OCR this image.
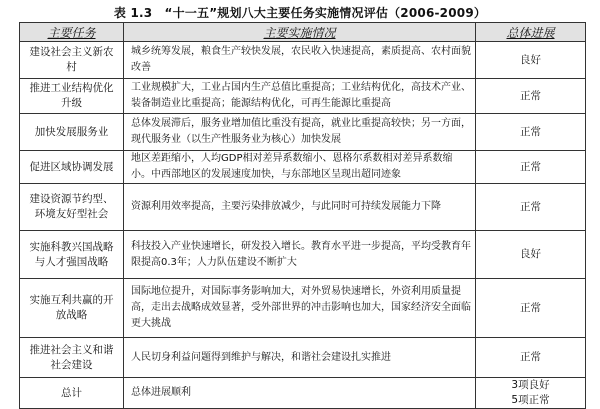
表 1.3　“十一五”规划八大主要任务实施情况评估（2006-2009）
主要任务	主要实施情况	总体进展
建设社会主义新农村	城乡统筹发展，粮食生产较快发展，农民收入快速提高，素质提高、农村面貌改善	良好
推进工业结构优化升级	工业规模扩大，工业占国内生产总值比重提高；工业结构优化，高技术产业、装备制造业比重提高；能源结构优化，可再生能源比重提高	正常
加快发展服务业	总体发展滞后，服务业增加值比重没有提高，就业比重提高较快；另一方面，现代服务业（以生产性服务业为核心）加快发展	正常
促进区域协调发展	地区差距缩小，人均GDP相对差异系数缩小、恩格尔系数相对差异系数缩小。中西部地区的发展速度加快，与东部地区呈现出超同迹象	正常
建设资源节约型、环境友好型社会	资源利用效率提高，主要污染排放减少，与此同时可持续发展能力下降	正常
实施科教兴国战略与人才强国战略	科技投入产业快速增长，研发投入增长。教育水平进一步提高，平均受教育年限提高0.3年；人力队伍建设不断扩大	良好
实施互利共赢的开放战略	国际地位提升，对国际事务影响加大，对外贸易快速增长，外资利用质量提高，走出去战略成效显著，受外部世界的冲击影响也加大，国家经济安全面临更大挑战	正常
推进社会主义和谐社会建设	人民切身利益问题得到维护与解决，和谐社会建设扎实推进	正常
总计	总体进展顺利	3项良好
5项正常
